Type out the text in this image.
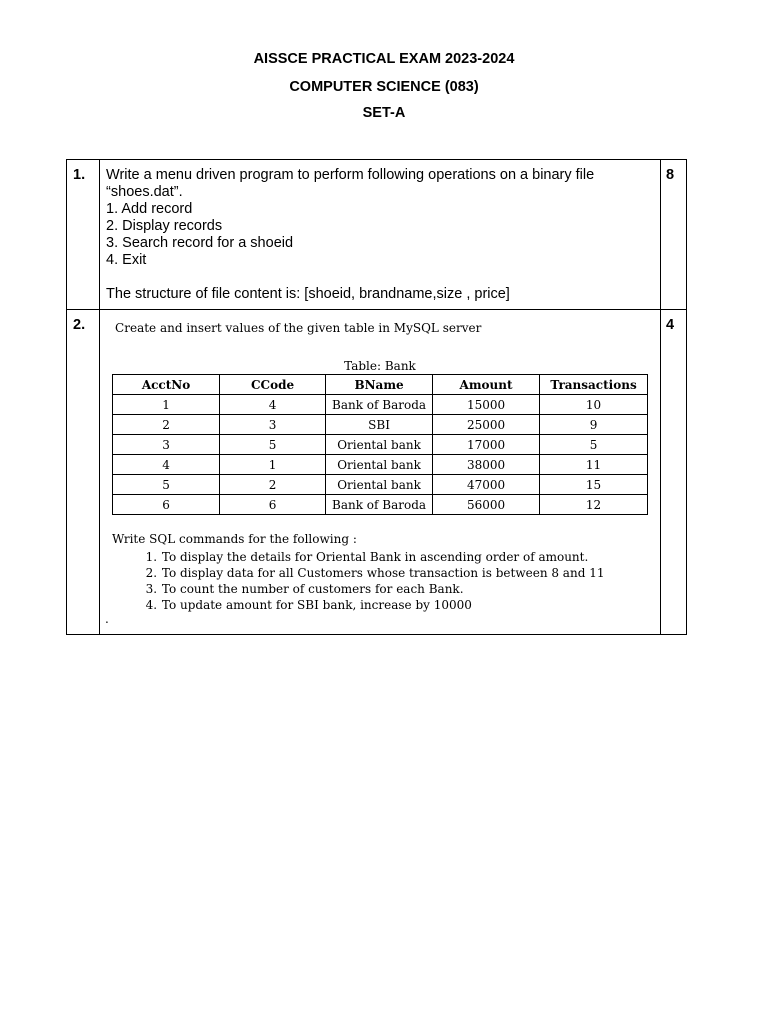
AISSCE PRACTICAL EXAM 2023-2024
COMPUTER SCIENCE (083)
SET-A
1.	Write a menu driven program to perform following operations on a binary file
“shoes.dat”.
1. Add record
2. Display records
3. Search record for a shoeid
4. Exit
The structure of file content is: [shoeid, brandname,size , price]
	8
2.	Create and insert values of the given table in MySQL server
Table: Bank
AcctNo	CCode	BName	Amount	Transactions
1	4	Bank of Baroda	15000	10
2	3	SBI	25000	9
3	5	Oriental bank	17000	5
4	1	Oriental bank	38000	11
5	2	Oriental bank	47000	15
6	6	Bank of Baroda	56000	12
Write SQL commands for the following :
1. To display the details for Oriental Bank in ascending order of amount.
2. To display data for all Customers whose transaction is between 8 and 11
3. To count the number of customers for each Bank.
4. To update amount for SBI bank, increase by 10000
.
	4
